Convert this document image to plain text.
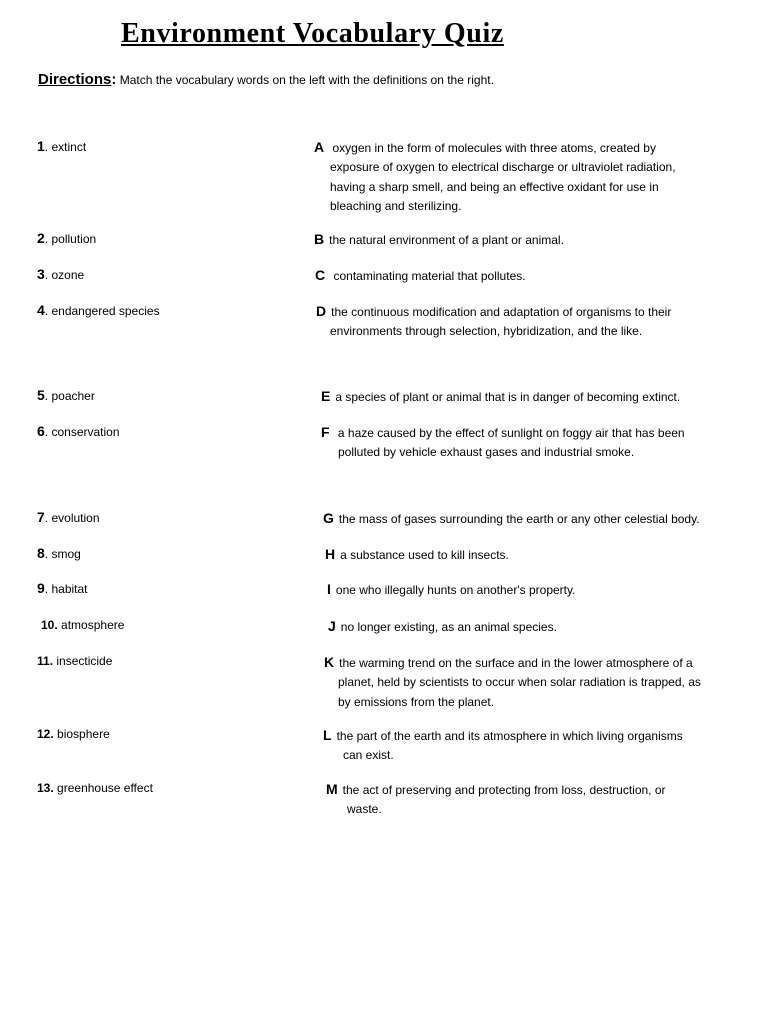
Environment Vocabulary Quiz
Directions: Match the vocabulary words on the left with the definitions on the right.
1. extinct
2. pollution
3. ozone
4. endangered species
5. poacher
6. conservation
7. evolution
8. smog
9. habitat
10. atmosphere
11. insecticide
12. biosphere
13. greenhouse effect
A oxygen in the form of molecules with three atoms, created by
exposure of oxygen to electrical discharge or ultraviolet radiation,
having a sharp smell, and being an effective oxidant for use in
bleaching and sterilizing.
B the natural environment of a plant or animal.
C contaminating material that pollutes.
D the continuous modification and adaptation of organisms to their
environments through selection, hybridization, and the like.
E a species of plant or animal that is in danger of becoming extinct.
F a haze caused by the effect of sunlight on foggy air that has been
polluted by vehicle exhaust gases and industrial smoke.
G the mass of gases surrounding the earth or any other celestial body.
H a substance used to kill insects.
I one who illegally hunts on another's property.
J no longer existing, as an animal species.
K the warming trend on the surface and in the lower atmosphere of a
planet, held by scientists to occur when solar radiation is trapped, as
by emissions from the planet.
L the part of the earth and its atmosphere in which living organisms
can exist.
M the act of preserving and protecting from loss, destruction, or
waste.
